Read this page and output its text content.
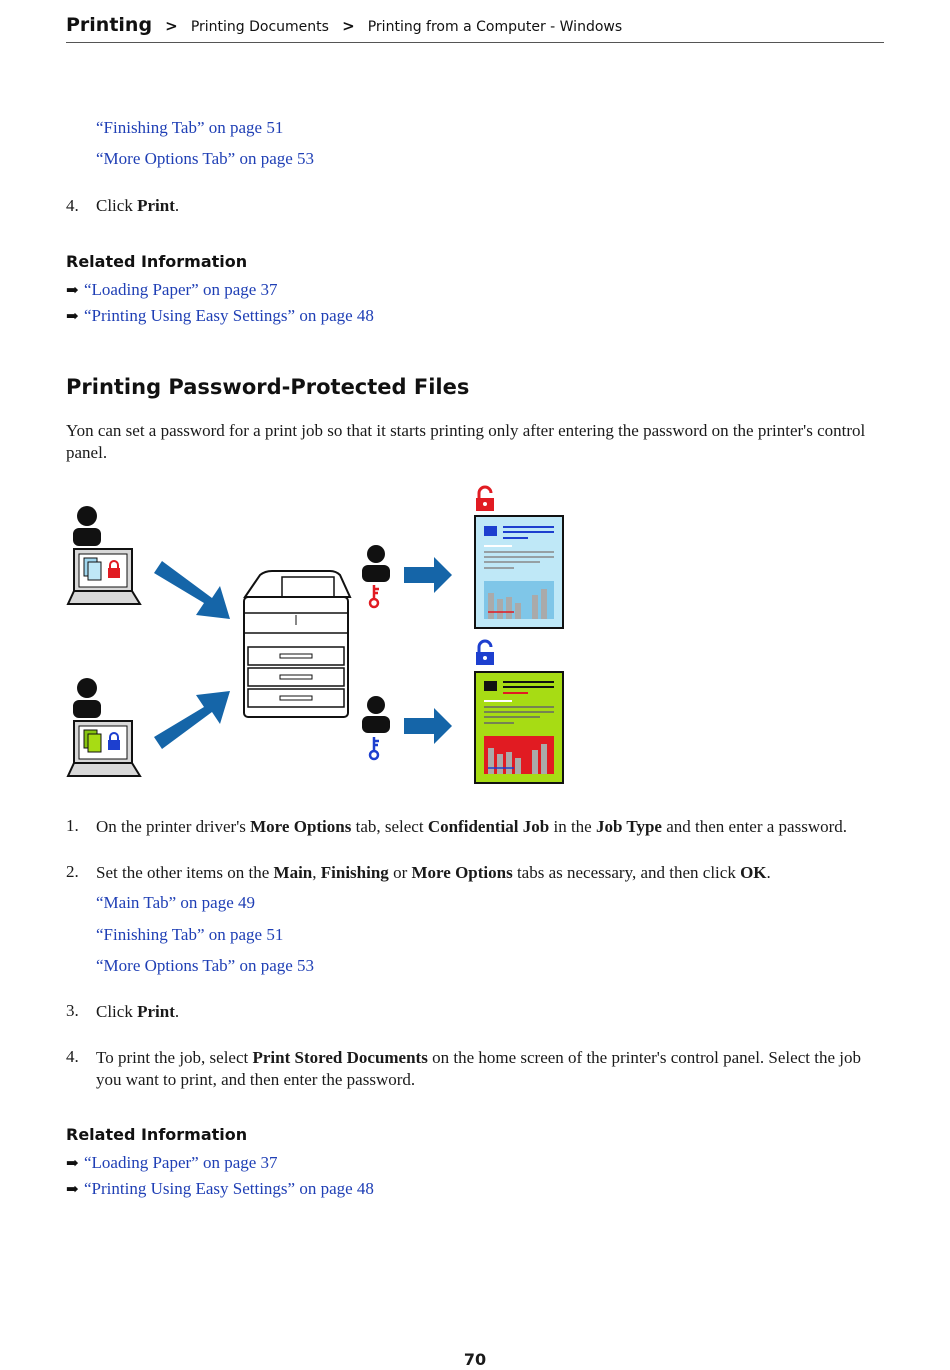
Printing > Printing Documents > Printing from a Computer - Windows
“Finishing Tab” on page 51
“More Options Tab” on page 53
4. Click Print.
Related Information
➡ “Loading Paper” on page 37
➡ “Printing Using Easy Settings” on page 48
Printing Password-Protected Files
Yon can set a password for a print job so that it starts printing only after entering the password on the printer's control panel.
1. On the printer driver's More Options tab, select Confidential Job in the Job Type and then enter a password.
2. Set the other items on the Main, Finishing or More Options tabs as necessary, and then click OK.
“Main Tab” on page 49
“Finishing Tab” on page 51
“More Options Tab” on page 53
3. Click Print.
4. To print the job, select Print Stored Documents on the home screen of the printer's control panel. Select the job you want to print, and then enter the password.
Related Information
➡ “Loading Paper” on page 37
➡ “Printing Using Easy Settings” on page 48
70
